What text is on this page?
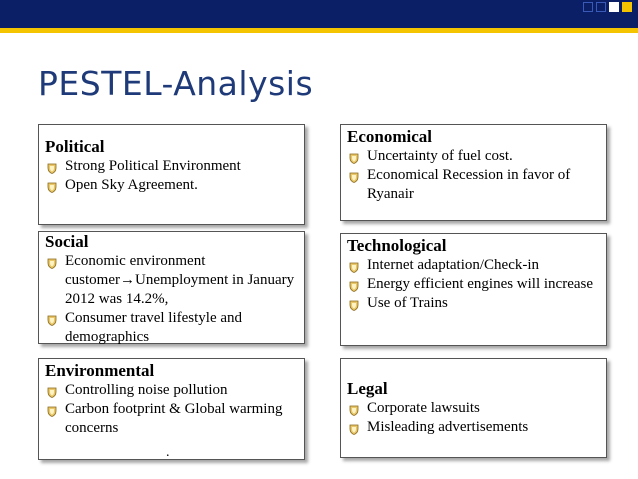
PESTEL-Analysis
Political
Strong Political Environment
Open Sky Agreement.
Economical
Uncertainty of fuel cost.
Economical Recession in favor of Ryanair
Social
Economic environment customer→Unemployment in January 2012 was 14.2%,
Consumer travel lifestyle and demographics
Technological
Internet adaptation/Check-in
Energy efficient engines will increase
Use of Trains
Environmental
Controlling noise pollution
Carbon footprint & Global warming concerns
Legal
Corporate lawsuits
Misleading advertisements
.
